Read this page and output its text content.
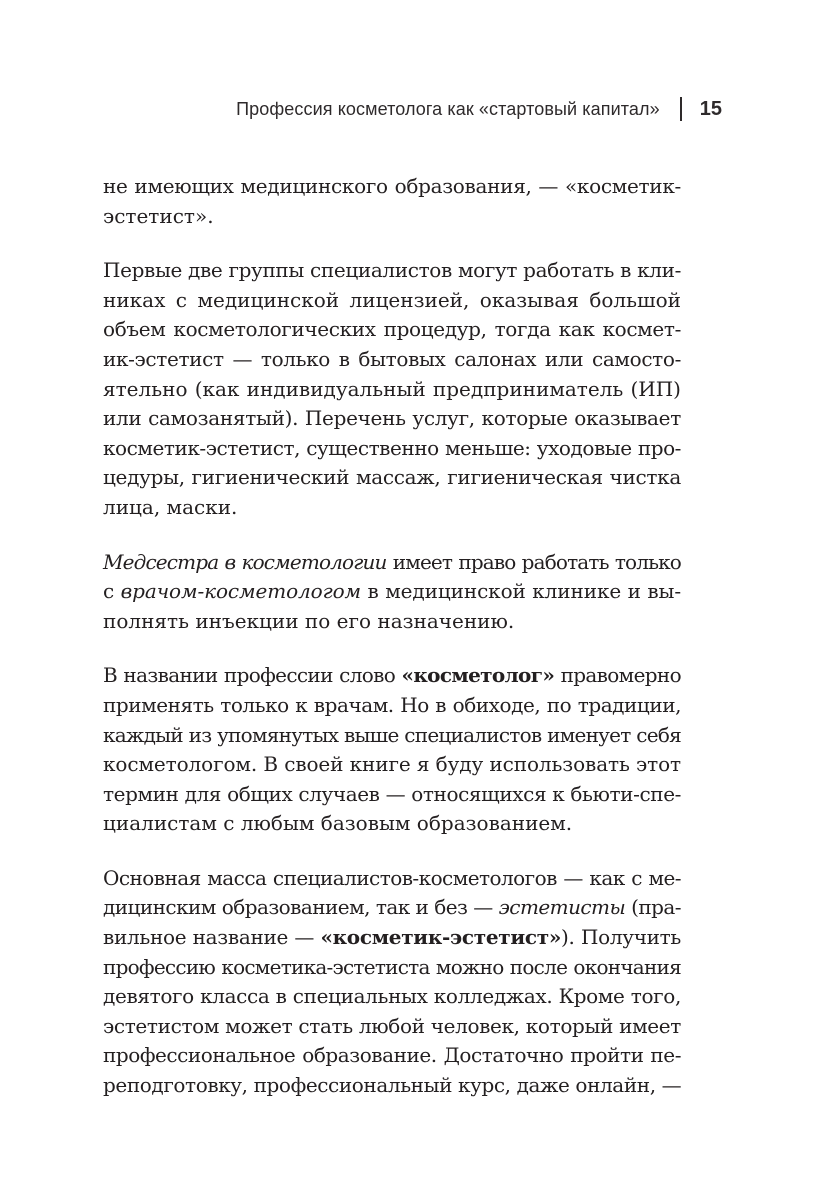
Профессия косметолога как «стартовый капитал» 15

не имеющих медицинского образования, — «косметик-
эстетист».

Первые две группы специалистов могут работать в кли-
никах с медицинской лицензией, оказывая большой
объем косметологических процедур, тогда как космет-
ик-эстетист — только в бытовых салонах или самосто-
ятельно (как индивидуальный предприниматель (ИП)
или самозанятый). Перечень услуг, которые оказывает
косметик-эстетист, существенно меньше: уходовые про-
цедуры, гигиенический массаж, гигиеническая чистка
лица, маски.

Медсестра в косметологии имеет право работать только
с врачом-косметологом в медицинской клинике и вы-
полнять инъекции по его назначению.

В названии профессии слово «косметолог» правомерно
применять только к врачам. Но в обиходе, по традиции,
каждый из упомянутых выше специалистов именует себя
косметологом. В своей книге я буду использовать этот
термин для общих случаев — относящихся к бьюти-спе-
циалистам с любым базовым образованием.

Основная масса специалистов-косметологов — как с ме-
дицинским образованием, так и без — эстетисты (пра-
вильное название — «косметик-эстетист»). Получить
профессию косметика-эстетиста можно после окончания
девятого класса в специальных колледжах. Кроме того,
эстетистом может стать любой человек, который имеет
профессиональное образование. Достаточно пройти пе-
реподготовку, профессиональный курс, даже онлайн, —
